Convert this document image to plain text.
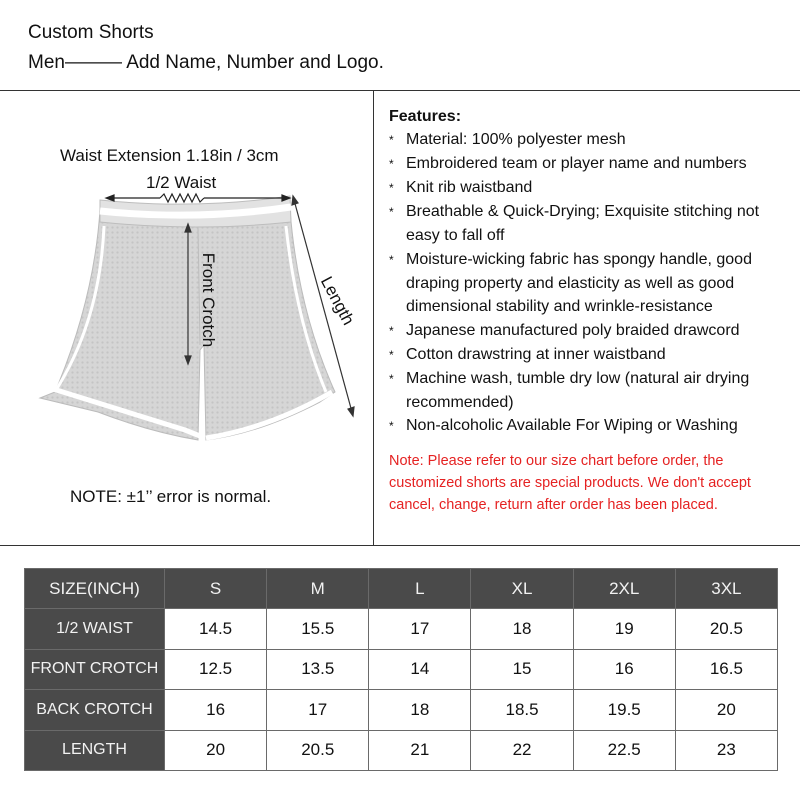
Custom Shorts
Men——— Add Name, Number and Logo.
Waist Extension 1.18in / 3cm
1/2 Waist
Front Crotch	Length
NOTE: ±1’’ error is normal.
Features:
* Material: 100% polyester mesh
* Embroidered team or player name and numbers
* Knit rib waistband
* Breathable & Quick-Drying; Exquisite stitching not easy to fall off
* Moisture-wicking fabric has spongy handle, good draping property and elasticity as well as good dimensional stability and wrinkle-resistance
* Japanese manufactured poly braided drawcord
* Cotton drawstring at inner waistband
* Machine wash, tumble dry low (natural air drying recommended)
* Non-alcoholic Available For Wiping or Washing
Note: Please refer to our size chart before order, the customized shorts are special products. We don't accept cancel, change, return after order has been placed.
SIZE(INCH)	S	M	L	XL	2XL	3XL
1/2 WAIST	14.5	15.5	17	18	19	20.5
FRONT CROTCH	12.5	13.5	14	15	16	16.5
BACK CROTCH	16	17	18	18.5	19.5	20
LENGTH	20	20.5	21	22	22.5	23
